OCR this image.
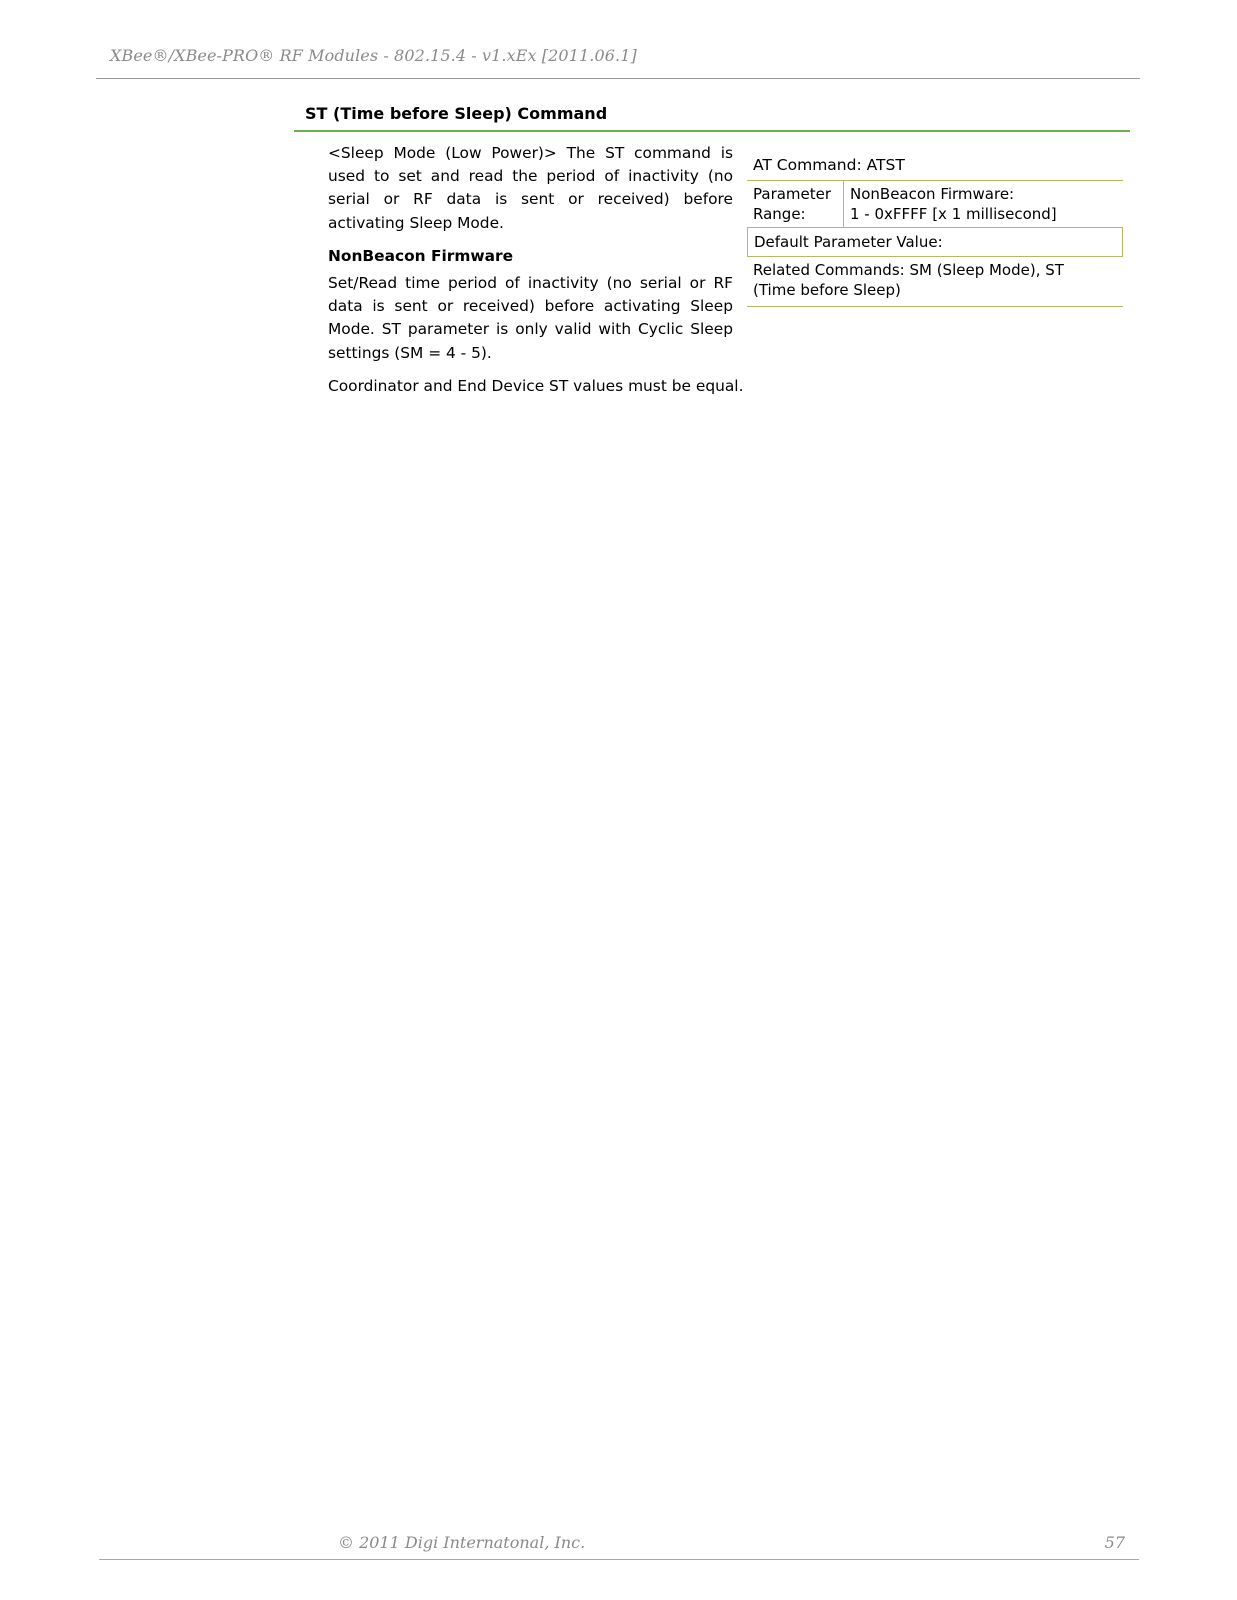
XBee®/XBee-PRO® RF Modules - 802.15.4 - v1.xEx [2011.06.1]
ST (Time before Sleep) Command

<Sleep Mode (Low Power)> The ST command is used to set and read the period of inactivity (no serial or RF data is sent or received) before activating Sleep Mode.

NonBeacon Firmware

Set/Read time period of inactivity (no serial or RF data is sent or received) before activating Sleep Mode. ST parameter is only valid with Cyclic Sleep settings (SM = 4 - 5).

Coordinator and End Device ST values must be equal.
AT Command: ATST
Parameter
Range:
NonBeacon Firmware:
1 - 0xFFFF [x 1 millisecond]
Default Parameter Value:
Related Commands: SM (Sleep Mode), ST
(Time before Sleep)
© 2011 Digi Internatonal, Inc.	57
